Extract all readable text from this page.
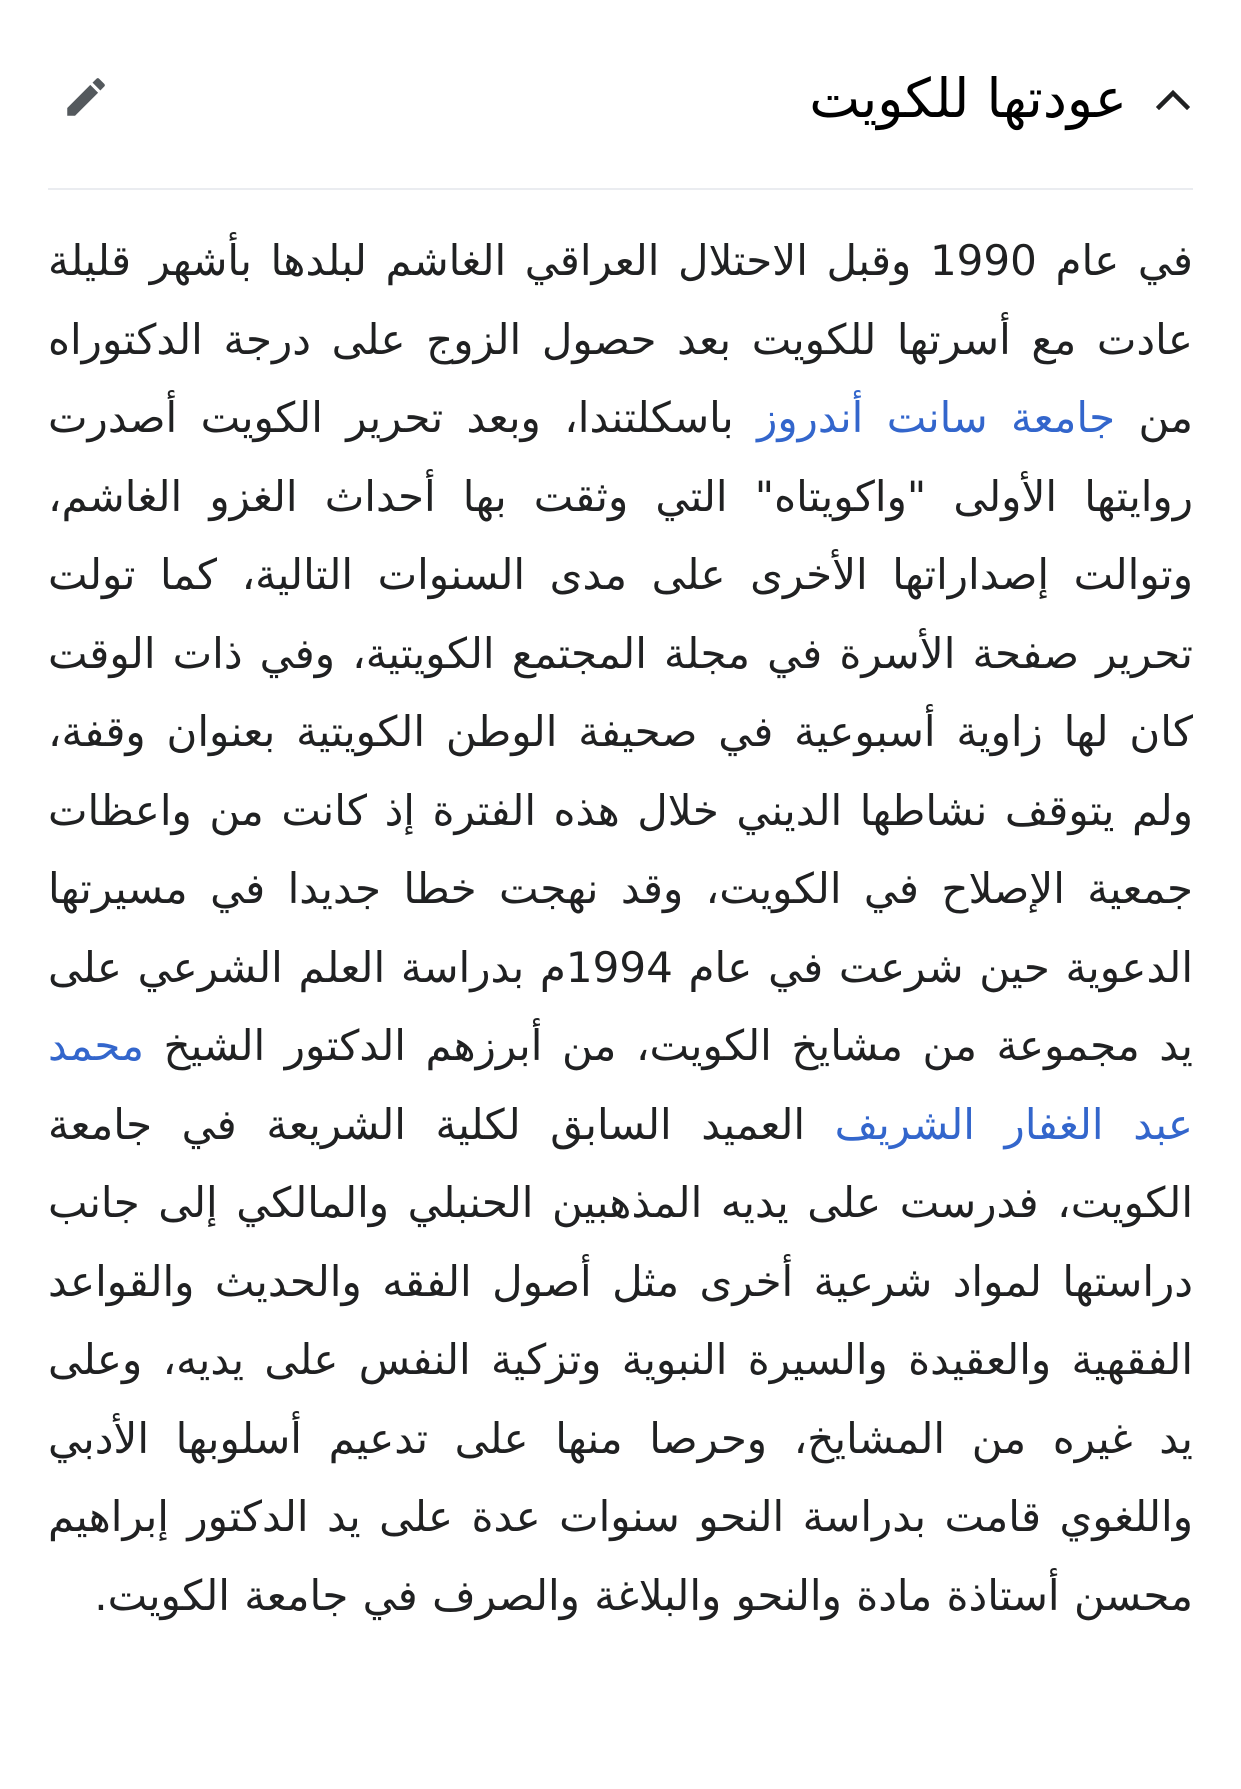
عودتها للكويت

في عام 1990 وقبل الاحتلال العراقي الغاشم لبلدها بأشهر قليلة عادت مع أسرتها للكويت بعد حصول الزوج على درجة الدكتوراه من جامعة سانت أندروز باسكلتندا، وبعد تحرير الكويت أصدرت روايتها الأولى "واكويتاه" التي وثقت بها أحداث الغزو الغاشم، وتوالت إصداراتها الأخرى على مدى السنوات التالية، كما تولت تحرير صفحة الأسرة في مجلة المجتمع الكويتية، وفي ذات الوقت كان لها زاوية أسبوعية في صحيفة الوطن الكويتية بعنوان وقفة، ولم يتوقف نشاطها الديني خلال هذه الفترة إذ كانت من واعظات جمعية الإصلاح في الكويت، وقد نهجت خطا جديدا في مسيرتها الدعوية حين شرعت في عام 1994م بدراسة العلم الشرعي على يد مجموعة من مشايخ الكويت، من أبرزهم الدكتور الشيخ محمد عبد الغفار الشريف العميد السابق لكلية الشريعة في جامعة الكويت، فدرست على يديه المذهبين الحنبلي والمالكي إلى جانب دراستها لمواد شرعية أخرى مثل أصول الفقه والحديث والقواعد الفقهية والعقيدة والسيرة النبوية وتزكية النفس على يديه، وعلى يد غيره من المشايخ، وحرصا منها على تدعيم أسلوبها الأدبي واللغوي قامت بدراسة النحو سنوات عدة على يد الدكتور إبراهيم محسن أستاذة مادة والنحو والبلاغة والصرف في جامعة الكويت.
